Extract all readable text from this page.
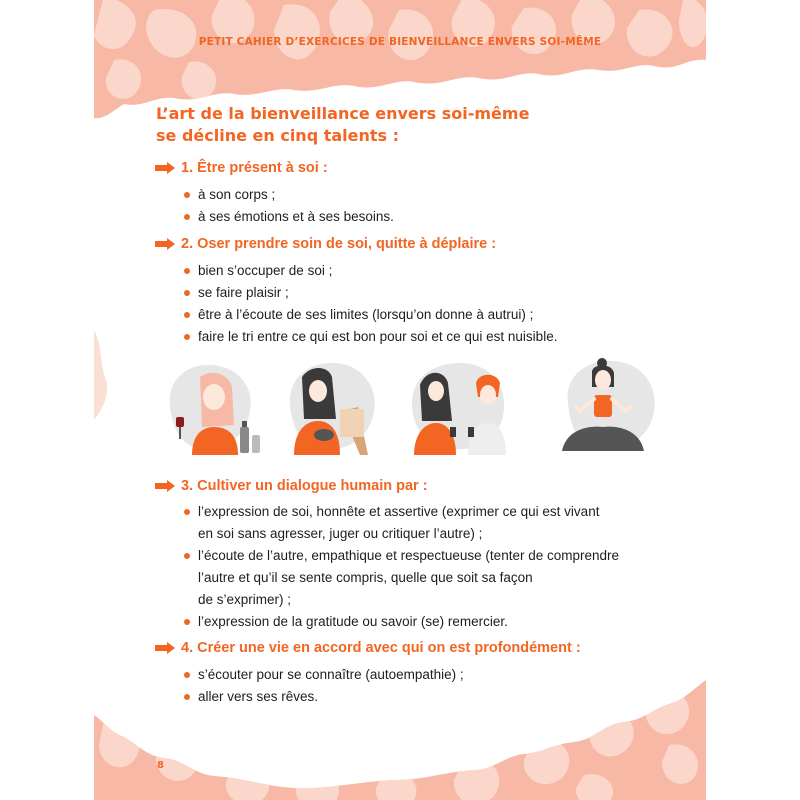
PETIT CAHIER D’EXERCICES DE BIENVEILLANCE ENVERS SOI-MÊME
L’art de la bienveillance envers soi-même
se décline en cinq talents :
1. Être présent à soi :
à son corps ;
à ses émotions et à ses besoins.
2. Oser prendre soin de soi, quitte à déplaire :
bien s’occuper de soi ;
se faire plaisir ;
être à l’écoute de ses limites (lorsqu’on donne à autrui) ;
faire le tri entre ce qui est bon pour soi et ce qui est nuisible.
3. Cultiver un dialogue humain par :
l’expression de soi, honnête et assertive (exprimer ce qui est vivant
en soi sans agresser, juger ou critiquer l’autre) ;
l’écoute de l’autre, empathique et respectueuse (tenter de comprendre
l’autre et qu’il se sente compris, quelle que soit sa façon
de s’exprimer) ;
l’expression de la gratitude ou savoir (se) remercier.
4. Créer une vie en accord avec qui on est profondément :
s’écouter pour se connaître (autoempathie) ;
aller vers ses rêves.
8
